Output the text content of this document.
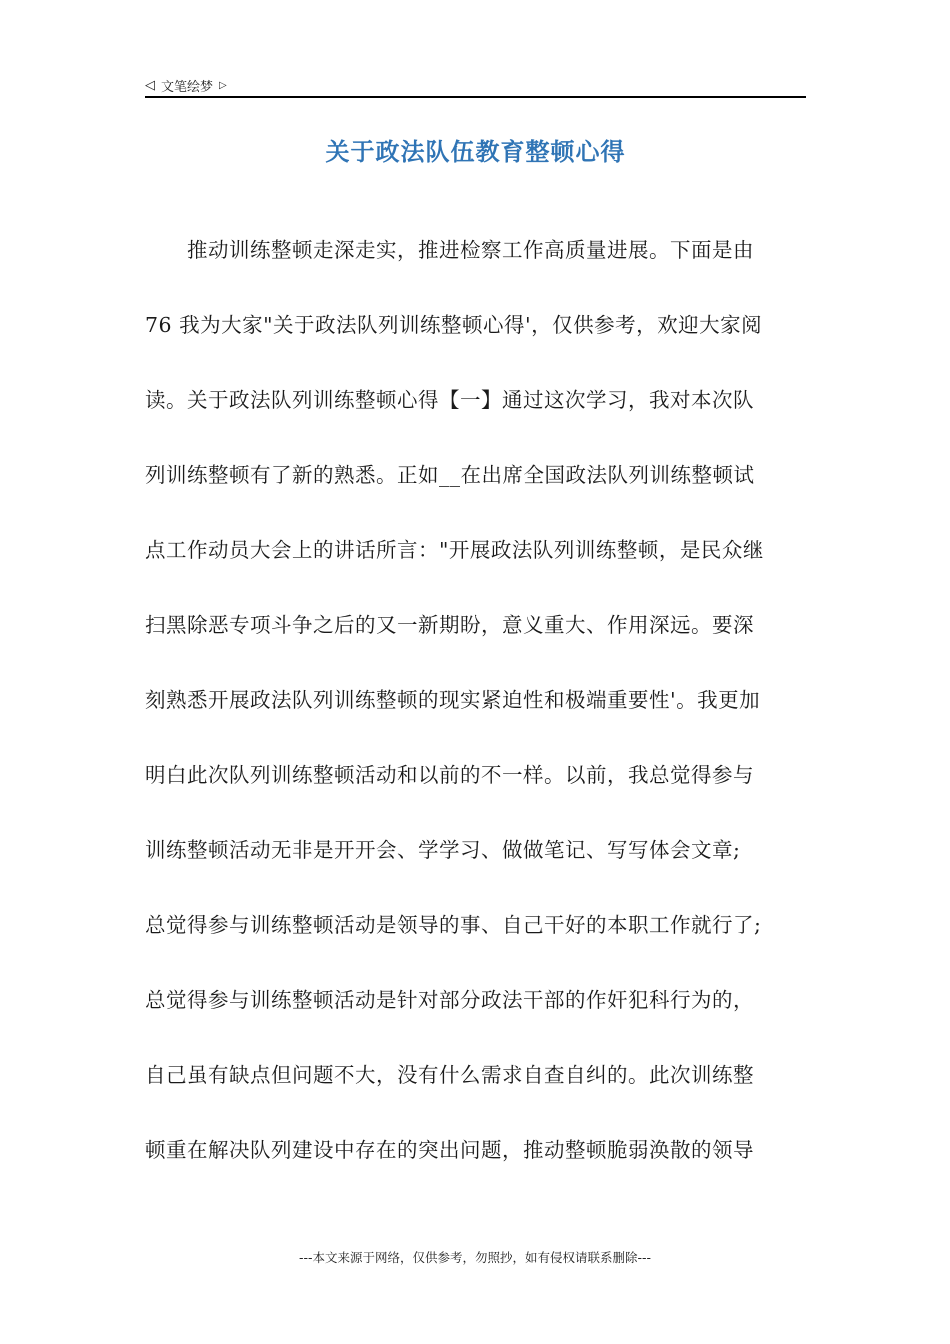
◁ 文笔绘梦 ▷
关于政法队伍教育整顿心得
推动训练整顿走深走实，推进检察工作高质量进展。下面是由
76 我为大家"关于政法队列训练整顿心得'，仅供参考，欢迎大家阅
读。关于政法队列训练整顿心得【一】通过这次学习，我对本次队
列训练整顿有了新的熟悉。正如__在出席全国政法队列训练整顿试
点工作动员大会上的讲话所言："开展政法队列训练整顿，是民众继
扫黑除恶专项斗争之后的又一新期盼，意义重大、作用深远。要深
刻熟悉开展政法队列训练整顿的现实紧迫性和极端重要性'。我更加
明白此次队列训练整顿活动和以前的不一样。以前，我总觉得参与
训练整顿活动无非是开开会、学学习、做做笔记、写写体会文章;
总觉得参与训练整顿活动是领导的事、自己干好的本职工作就行了;
总觉得参与训练整顿活动是针对部分政法干部的作奸犯科行为的，
自己虽有缺点但问题不大，没有什么需求自查自纠的。此次训练整
顿重在解决队列建设中存在的突出问题，推动整顿脆弱涣散的领导
---本文来源于网络，仅供参考，勿照抄，如有侵权请联系删除---
